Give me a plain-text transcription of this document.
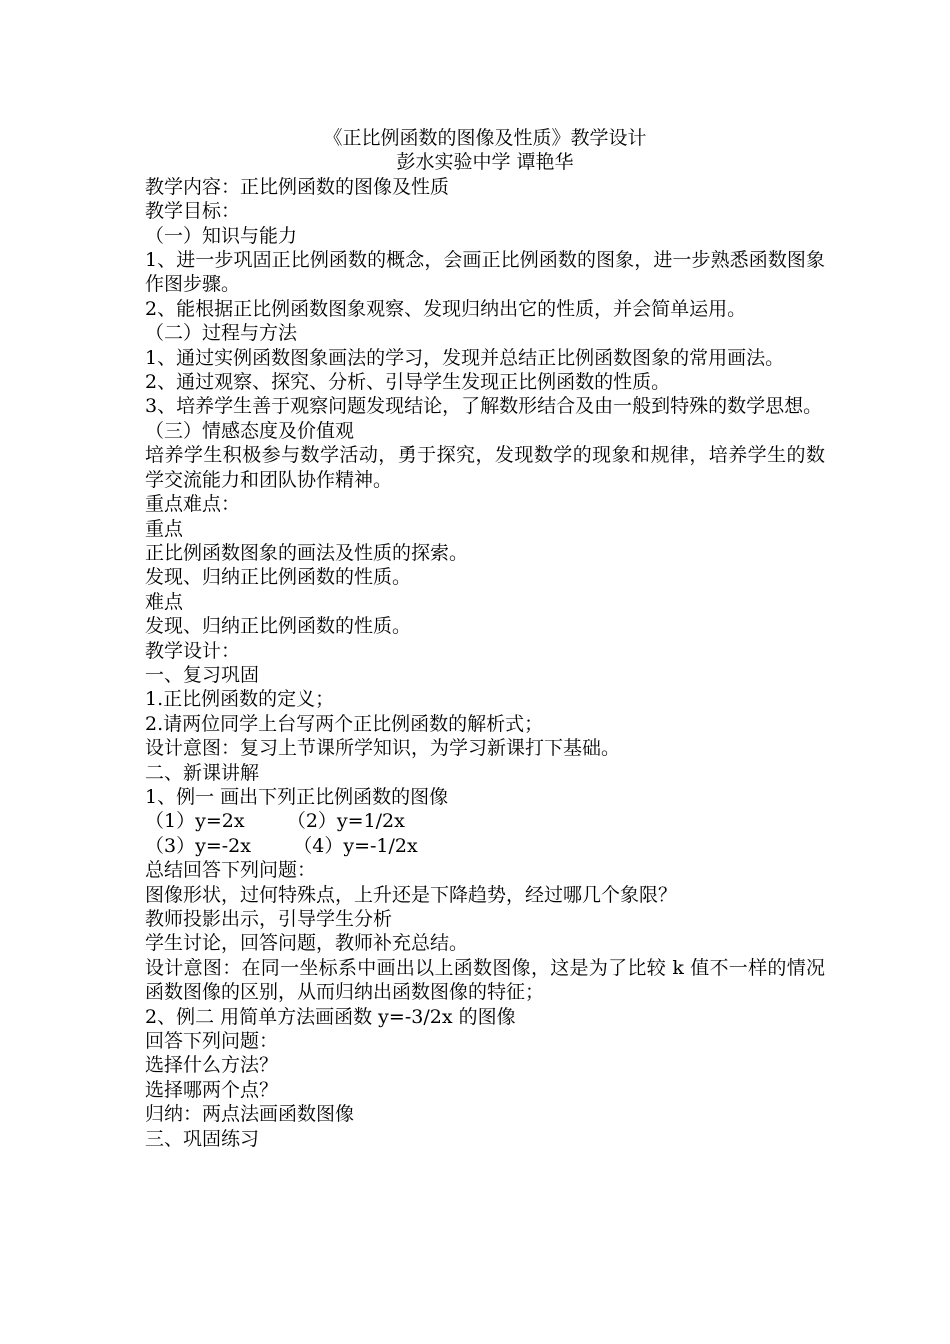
《正比例函数的图像及性质》教学设计

彭水实验中学 谭艳华

教学内容：正比例函数的图像及性质

教学目标：

（一）知识与能力

1、进一步巩固正比例函数的概念，会画正比例函数的图象，进一步熟悉函数图象作图步骤。

2、能根据正比例函数图象观察、发现归纳出它的性质，并会简单运用。

（二）过程与方法

1、通过实例函数图象画法的学习，发现并总结正比例函数图象的常用画法。

2、通过观察、探究、分析、引导学生发现正比例函数的性质。

3、培养学生善于观察问题发现结论，了解数形结合及由一般到特殊的数学思想。

（三）情感态度及价值观

培养学生积极参与数学活动，勇于探究，发现数学的现象和规律，培养学生的数学交流能力和团队协作精神。

重点难点：

重点

正比例函数图象的画法及性质的探索。

发现、归纳正比例函数的性质。

难点

发现、归纳正比例函数的性质。

教学设计：

一、复习巩固

1.正比例函数的定义；

2.请两位同学上台写两个正比例函数的解析式；

设计意图：复习上节课所学知识，为学习新课打下基础。

二、新课讲解

1、例一 画出下列正比例函数的图像

（1）y=2x       （2）y=1/2x

（3）y=-2x       （4）y=-1/2x

总结回答下列问题：

图像形状，过何特殊点，上升还是下降趋势，经过哪几个象限？

教师投影出示，引导学生分析

学生讨论，回答问题，教师补充总结。

设计意图：在同一坐标系中画出以上函数图像，这是为了比较 k 值不一样的情况函数图像的区别，从而归纳出函数图像的特征；

2、例二 用简单方法画函数 y=-3/2x 的图像

回答下列问题：

选择什么方法？

选择哪两个点？

归纳：两点法画函数图像

三、巩固练习
